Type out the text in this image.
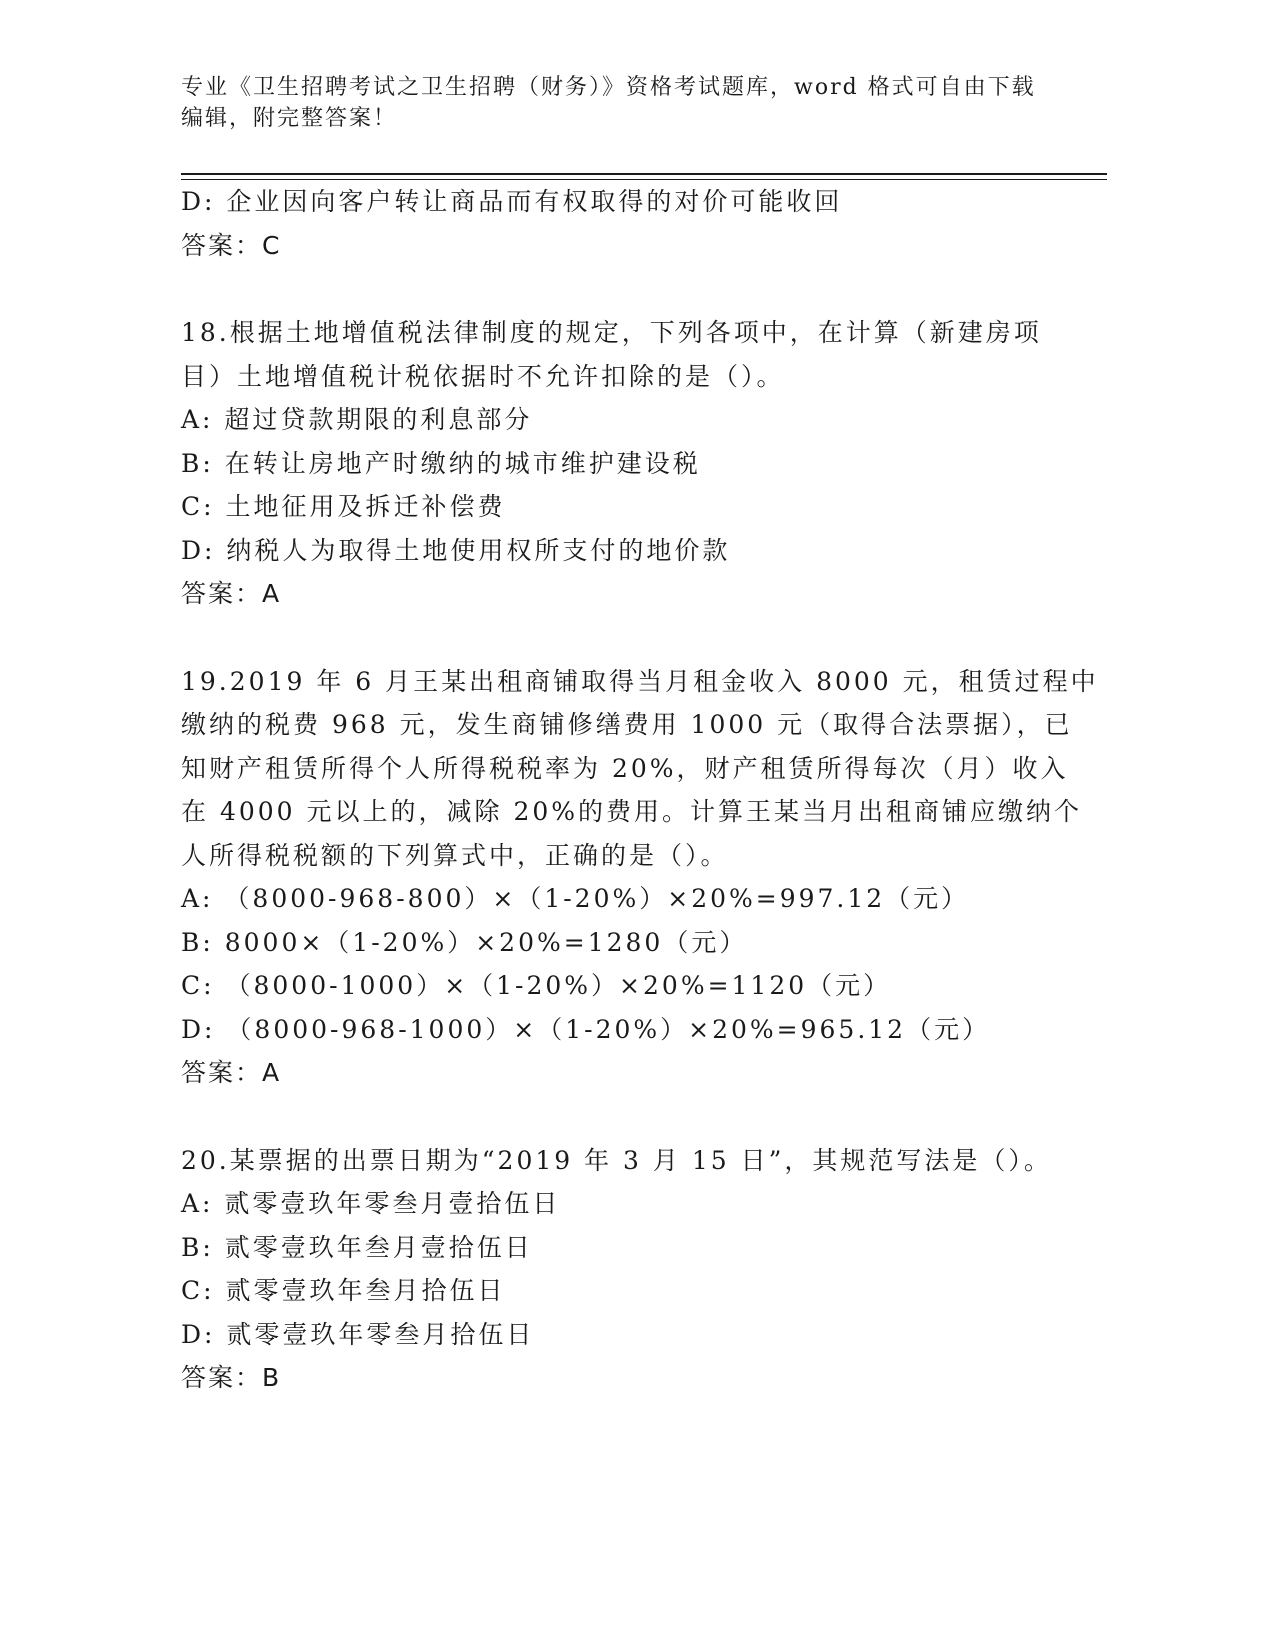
专业《卫生招聘考试之卫生招聘（财务）》资格考试题库，word 格式可自由下载
编辑，附完整答案！
D: 企业因向客户转让商品而有权取得的对价可能收回
答案：C
18.根据土地增值税法律制度的规定，下列各项中，在计算（新建房项
目）土地增值税计税依据时不允许扣除的是（）。
A: 超过贷款期限的利息部分
B: 在转让房地产时缴纳的城市维护建设税
C: 土地征用及拆迁补偿费
D: 纳税人为取得土地使用权所支付的地价款
答案：A
19.2019 年 6 月王某出租商铺取得当月租金收入 8000 元，租赁过程中
缴纳的税费 968 元，发生商铺修缮费用 1000 元（取得合法票据），已
知财产租赁所得个人所得税税率为 20%，财产租赁所得每次（月）收入
在 4000 元以上的，减除 20%的费用。计算王某当月出租商铺应缴纳个
人所得税税额的下列算式中，正确的是（）。
A: （8000-968-800）×（1-20%）×20%=997.12（元）
B: 8000×（1-20%）×20%=1280（元）
C: （8000-1000）×（1-20%）×20%=1120（元）
D: （8000-968-1000）×（1-20%）×20%=965.12（元）
答案：A
20.某票据的出票日期为“2019 年 3 月 15 日”，其规范写法是（）。
A: 贰零壹玖年零叁月壹拾伍日
B: 贰零壹玖年叁月壹拾伍日
C: 贰零壹玖年叁月拾伍日
D: 贰零壹玖年零叁月拾伍日
答案：B
